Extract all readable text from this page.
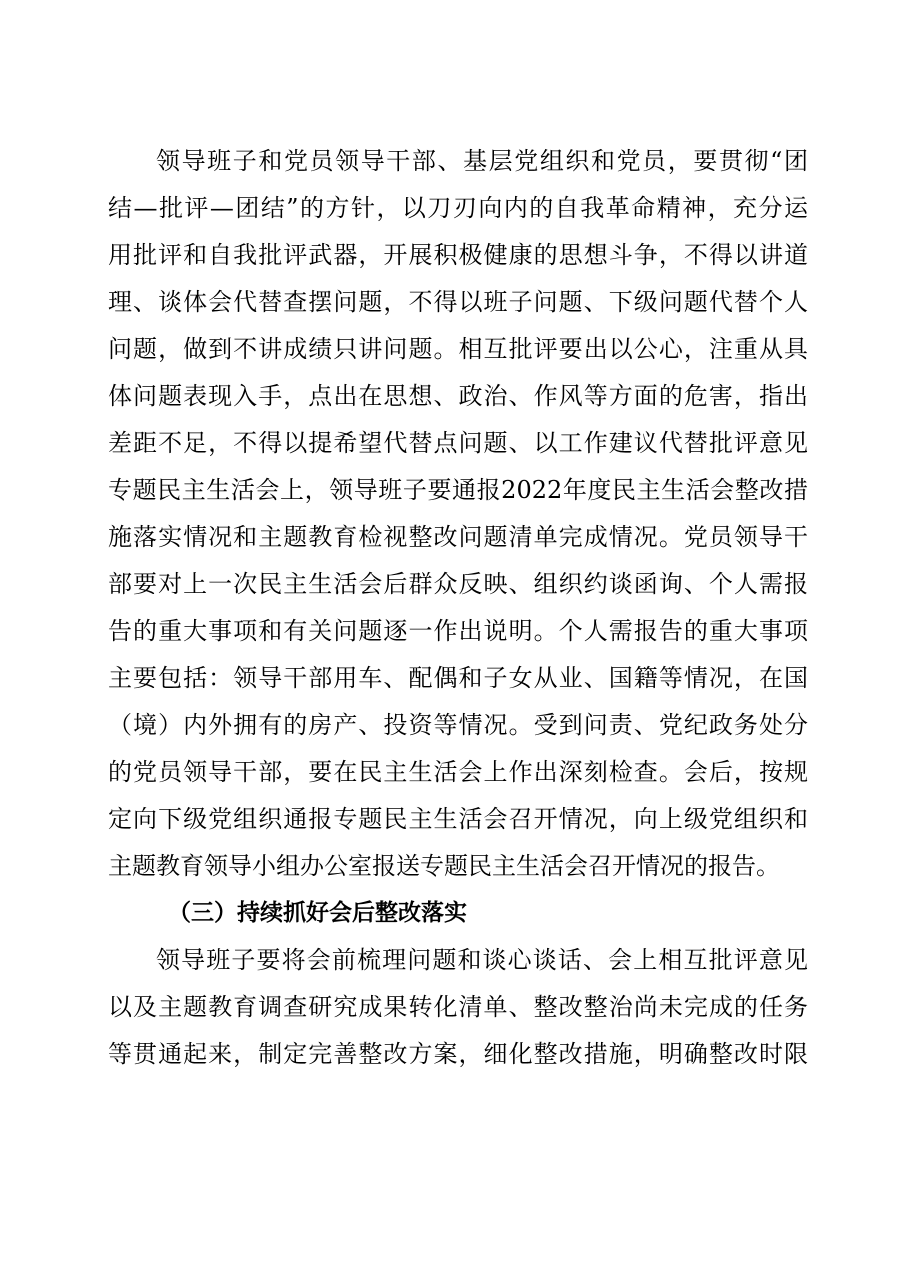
领导班子和党员领导干部、基层党组织和党员，要贯彻“团
结—批评—团结”的方针，以刀刃向内的自我革命精神，充分运
用批评和自我批评武器，开展积极健康的思想斗争，不得以讲道
理、谈体会代替查摆问题，不得以班子问题、下级问题代替个人
问题，做到不讲成绩只讲问题。相互批评要出以公心，注重从具
体问题表现入手，点出在思想、政治、作风等方面的危害，指出
差距不足，不得以提希望代替点问题、以工作建议代替批评意见
专题民主生活会上，领导班子要通报2022年度民主生活会整改措
施落实情况和主题教育检视整改问题清单完成情况。党员领导干
部要对上一次民主生活会后群众反映、组织约谈函询、个人需报
告的重大事项和有关问题逐一作出说明。个人需报告的重大事项
主要包括：领导干部用车、配偶和子女从业、国籍等情况，在国
（境）内外拥有的房产、投资等情况。受到问责、党纪政务处分
的党员领导干部，要在民主生活会上作出深刻检查。会后，按规
定向下级党组织通报专题民主生活会召开情况，向上级党组织和
主题教育领导小组办公室报送专题民主生活会召开情况的报告。
（三）持续抓好会后整改落实
领导班子要将会前梳理问题和谈心谈话、会上相互批评意见
以及主题教育调查研究成果转化清单、整改整治尚未完成的任务
等贯通起来，制定完善整改方案，细化整改措施，明确整改时限
